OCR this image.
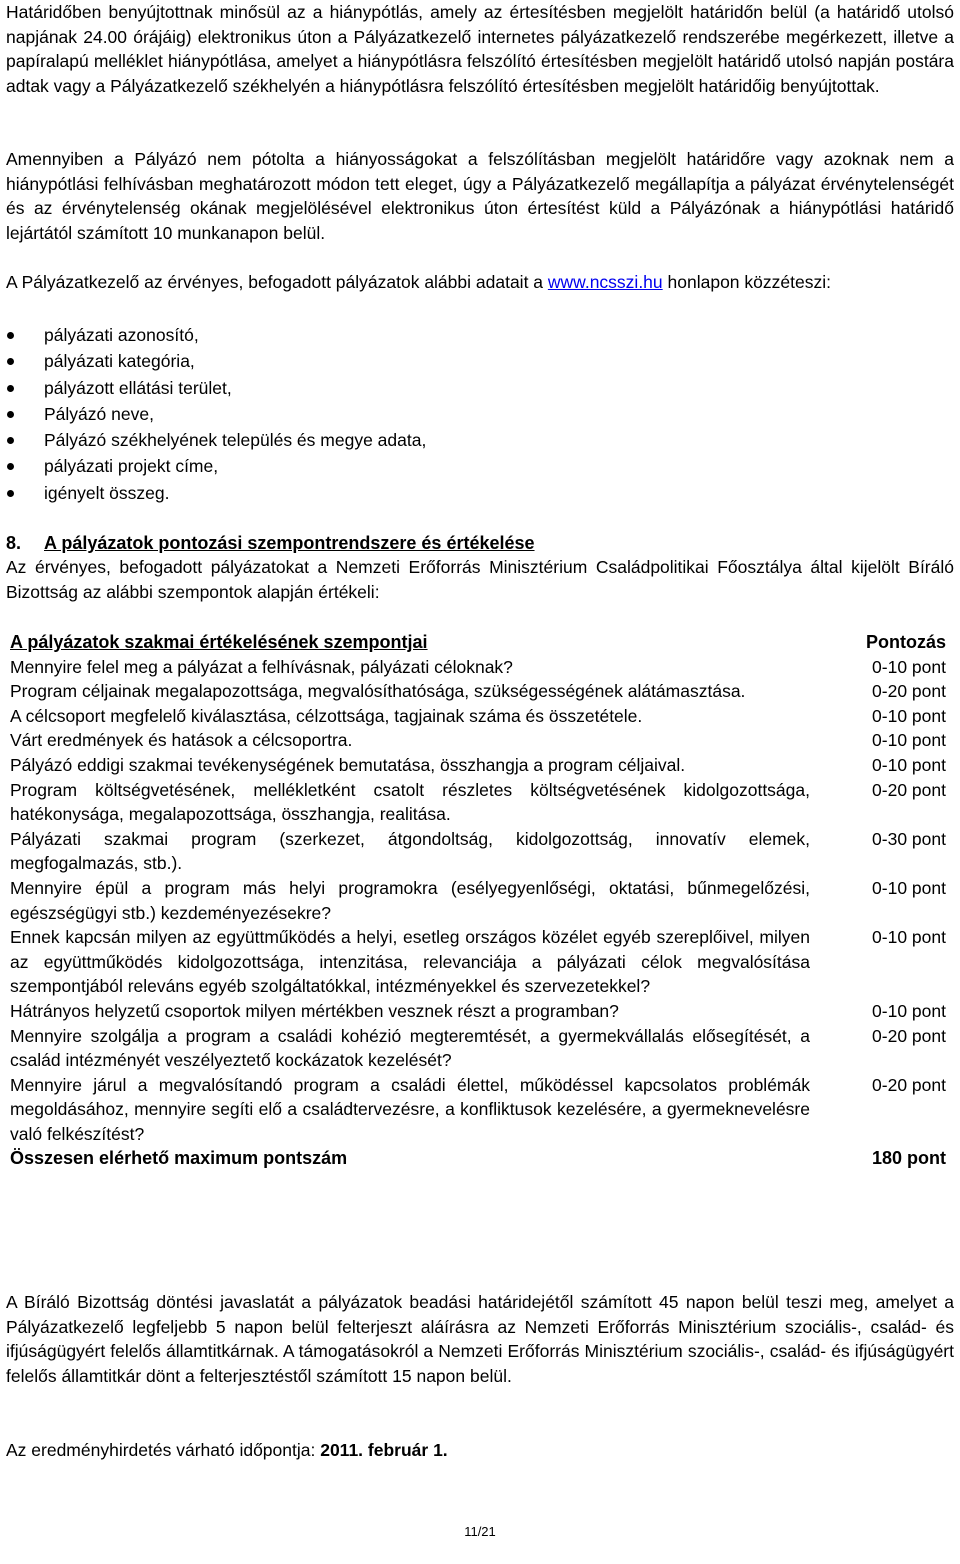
Határidőben benyújtottnak minősül az a hiánypótlás, amely az értesítésben megjelölt határidőn belül (a határidő utolsó napjának 24.00 órájáig) elektronikus úton a Pályázatkezelő internetes pályázatkezelő rendszerébe megérkezett, illetve a papíralapú melléklet hiánypótlása, amelyet a hiánypótlásra felszólító értesítésben megjelölt határidő utolsó napján postára adtak vagy a Pályázatkezelő székhelyén a hiánypótlásra felszólító értesítésben megjelölt határidőig benyújtottak.

Amennyiben a Pályázó nem pótolta a hiányosságokat a felszólításban megjelölt határidőre vagy azoknak nem a hiánypótlási felhívásban meghatározott módon tett eleget, úgy a Pályázatkezelő megállapítja a pályázat érvénytelenségét és az érvénytelenség okának megjelölésével elektronikus úton értesítést küld a Pályázónak a hiánypótlási határidő lejártától számított 10 munkanapon belül.

A Pályázatkezelő az érvényes, befogadott pályázatok alábbi adatait a www.ncsszi.hu honlapon közzéteszi:

pályázati azonosító,
pályázati kategória,
pályázott ellátási terület,
Pályázó neve,
Pályázó székhelyének település és megye adata,
pályázati projekt címe,
igényelt összeg.
8. A pályázatok pontozási szempontrendszere és értékelése

Az érvényes, befogadott pályázatokat a Nemzeti Erőforrás Minisztérium Családpolitikai Főosztálya által kijelölt Bíráló Bizottság az alábbi szempontok alapján értékeli:

A pályázatok szakmai értékelésének szempontjai	Pontozás
Mennyire felel meg a pályázat a felhívásnak, pályázati céloknak?	0-10 pont
Program céljainak megalapozottsága, megvalósíthatósága, szükségességének alátámasztása.	0-20 pont
A célcsoport megfelelő kiválasztása, célzottsága, tagjainak száma és összetétele.	0-10 pont
Várt eredmények és hatások a célcsoportra.	0-10 pont
Pályázó eddigi szakmai tevékenységének bemutatása, összhangja a program céljaival.	0-10 pont
Program költségvetésének, mellékletként csatolt részletes költségvetésének kidolgozottsága, hatékonysága, megalapozottsága, összhangja, realitása.	0-20 pont
Pályázati szakmai program (szerkezet, átgondoltság, kidolgozottság, innovatív elemek, megfogalmazás, stb.).	0-30 pont
Mennyire épül a program más helyi programokra (esélyegyenlőségi, oktatási, bűnmegelőzési, egészségügyi stb.) kezdeményezésekre?	0-10 pont
Ennek kapcsán milyen az együttműködés a helyi, esetleg országos közélet egyéb szereplőivel, milyen az együttműködés kidolgozottsága, intenzitása, relevanciája a pályázati célok megvalósítása szempontjából releváns egyéb szolgáltatókkal, intézményekkel és szervezetekkel?	0-10 pont
Hátrányos helyzetű csoportok milyen mértékben vesznek részt a programban?	0-10 pont
Mennyire szolgálja a program a családi kohézió megteremtését, a gyermekvállalás elősegítését, a család intézményét veszélyeztető kockázatok kezelését?	0-20 pont
Mennyire járul a megvalósítandó program a családi élettel, működéssel kapcsolatos problémák megoldásához, mennyire segíti elő a családtervezésre, a konfliktusok kezelésére, a gyermeknevelésre való felkészítést?	0-20 pont
Összesen elérhető maximum pontszám	180 pont

A Bíráló Bizottság döntési javaslatát a pályázatok beadási határidejétől számított 45 napon belül teszi meg, amelyet a Pályázatkezelő legfeljebb 5 napon belül felterjeszt aláírásra az Nemzeti Erőforrás Minisztérium szociális-, család- és ifjúságügyért felelős államtitkárnak. A támogatásokról a Nemzeti Erőforrás Minisztérium szociális-, család- és ifjúságügyért felelős államtitkár dönt a felterjesztéstől számított 15 napon belül.

Az eredményhirdetés várható időpontja: 2011. február 1.

11/21
